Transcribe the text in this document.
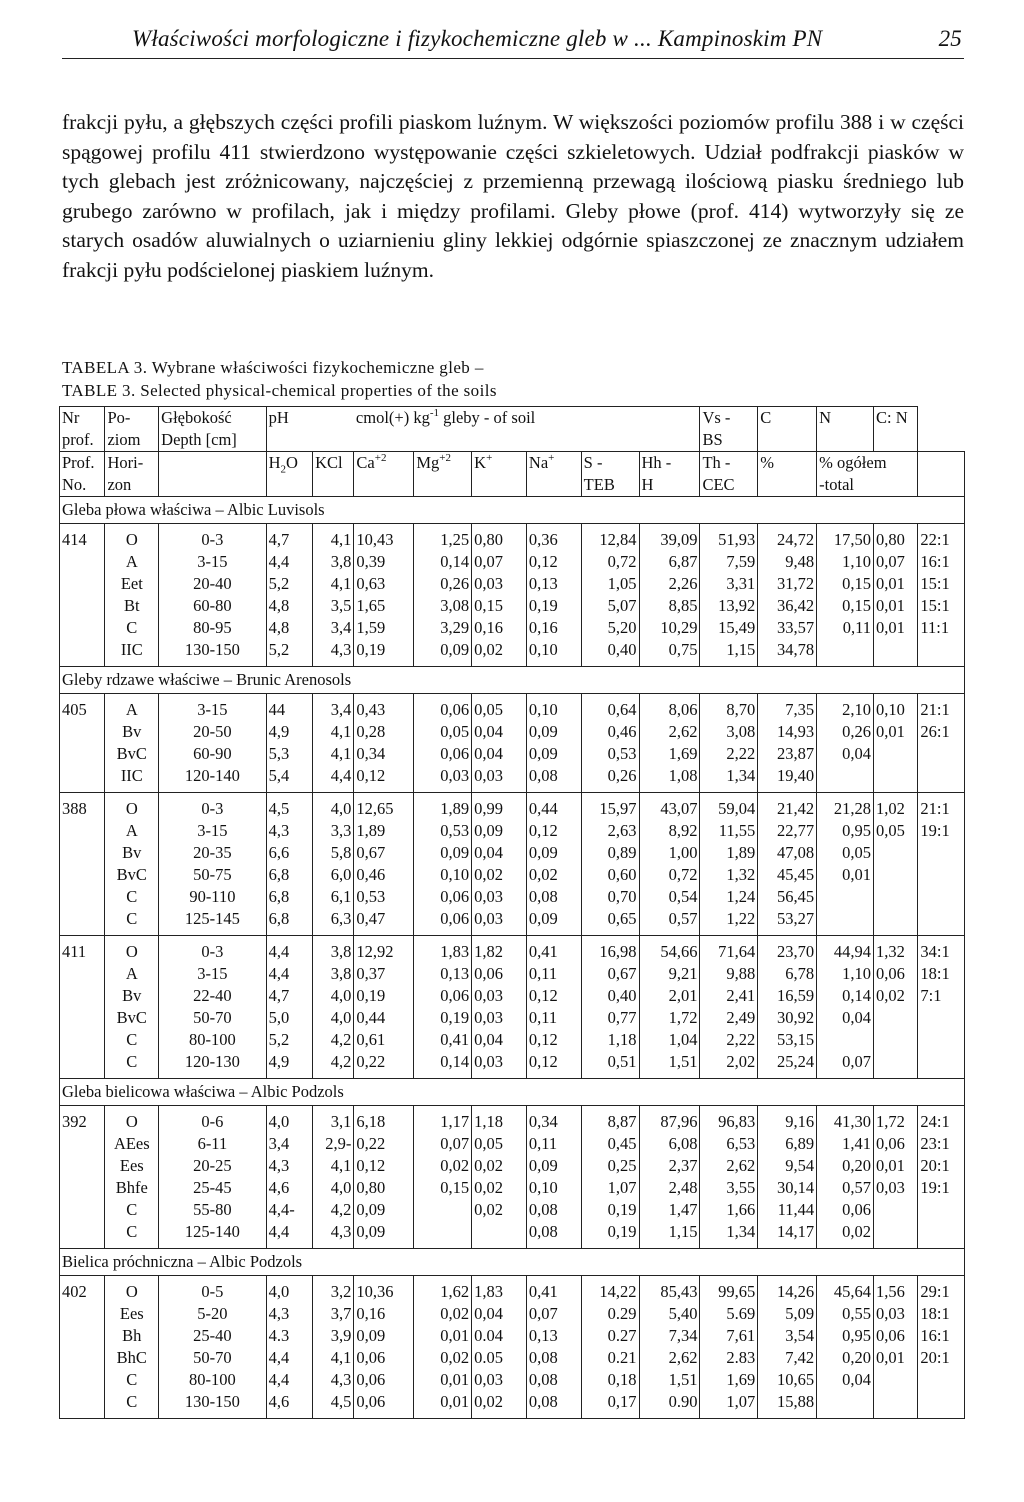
Właściwości morfologiczne i fizykochemiczne gleb w ... Kampinoskim PN	25

frakcji pyłu, a głębszych części profili piaskom luźnym. W większości poziomów profilu 388 i w części spągowej profilu 411 stwierdzono występowanie części szkieletowych. Udział podfrakcji piasków w tych glebach jest zróżnicowany, najczęściej z przemienną przewagą ilościową piasku średniego lub grubego zarówno w profilach, jak i między profilami. Gleby płowe (prof. 414) wytworzyły się ze starych osadów aluwialnych o uziarnieniu gliny lekkiej odgórnie spiaszczonej ze znacznym udziałem frakcji pyłu podścielonej piaskiem luźnym.

TABELA 3. Wybrane właściwości fizykochemiczne gleb –
TABLE 3. Selected physical-chemical properties of the soils
Nr	Po-	Głębokość	pH		cmol(+) $kg^{-1}$ gleby - of soil						Vs -	C	N	C: N
prof.	ziom	Depth [cm]									BS			
Prof.	Hori-		$H_2O$	KCl	$Ca^{+2}$	$Mg^{+2}$	K+	Na+	S -	Hh -	Th -	%	% ogółem		
No.	zon								TEB	H	CEC		-total		
Gleba płowa właściwa – Albic Luvisols															
414	O	0-3	4,7	4,1	10,43	1,25	0,80	0,36	12,84	39,09	51,93	24,72	17,50	0,80	22:1
	A	3-15	4,4	3,8	0,39	0,14	0,07	0,12	0,72	6,87	7,59	9,48	1,10	0,07	16:1
	Eet	20-40	5,2	4,1	0,63	0,26	0,03	0,13	1,05	2,26	3,31	31,72	0,15	0,01	15:1
	Bt	60-80	4,8	3,5	1,65	3,08	0,15	0,19	5,07	8,85	13,92	36,42	0,15	0,01	15:1
	C	80-95	4,8	3,4	1,59	3,29	0,16	0,16	5,20	10,29	15,49	33,57	0,11	0,01	11:1
	IIC	130-150	5,2	4,3	0,19	0,09	0,02	0,10	0,40	0,75	1,15	34,78			
Gleby rdzawe właściwe – Brunic Arenosols															
405	A	3-15	44	3,4	0,43	0,06	0,05	0,10	0,64	8,06	8,70	7,35	2,10	0,10	21:1
	Bv	20-50	4,9	4,1	0,28	0,05	0,04	0,09	0,46	2,62	3,08	14,93	0,26	0,01	26:1
	BvC	60-90	5,3	4,1	0,34	0,06	0,04	0,09	0,53	1,69	2,22	23,87	0,04		
	IIC	120-140	5,4	4,4	0,12	0,03	0,03	0,08	0,26	1,08	1,34	19,40			
388	O	0-3	4,5	4,0	12,65	1,89	0,99	0,44	15,97	43,07	59,04	21,42	21,28	1,02	21:1
	A	3-15	4,3	3,3	1,89	0,53	0,09	0,12	2,63	8,92	11,55	22,77	0,95	0,05	19:1
	Bv	20-35	6,6	5,8	0,67	0,09	0,04	0,09	0,89	1,00	1,89	47,08	0,05		
	BvC	50-75	6,8	6,0	0,46	0,10	0,02	0,02	0,60	0,72	1,32	45,45	0,01		
	C	90-110	6,8	6,1	0,53	0,06	0,03	0,08	0,70	0,54	1,24	56,45			
	C	125-145	6,8	6,3	0,47	0,06	0,03	0,09	0,65	0,57	1,22	53,27			
411	O	0-3	4,4	3,8	12,92	1,83	1,82	0,41	16,98	54,66	71,64	23,70	44,94	1,32	34:1
	A	3-15	4,4	3,8	0,37	0,13	0,06	0,11	0,67	9,21	9,88	6,78	1,10	0,06	18:1
	Bv	22-40	4,7	4,0	0,19	0,06	0,03	0,12	0,40	2,01	2,41	16,59	0,14	0,02	7:1
	BvC	50-70	5,0	4,0	0,44	0,19	0,03	0,11	0,77	1,72	2,49	30,92	0,04		
	C	80-100	5,2	4,2	0,61	0,41	0,04	0,12	1,18	1,04	2,22	53,15			
	C	120-130	4,9	4,2	0,22	0,14	0,03	0,12	0,51	1,51	2,02	25,24	0,07		
Gleba bielicowa właściwa – Albic Podzols															
392	O	0-6	4,0	3,1	6,18	1,17	1,18	0,34	8,87	87,96	96,83	9,16	41,30	1,72	24:1
	AEes	6-11	3,4	2,9-	0,22	0,07	0,05	0,11	0,45	6,08	6,53	6,89	1,41	0,06	23:1
	Ees	20-25	4,3	4,1	0,12	0,02	0,02	0,09	0,25	2,37	2,62	9,54	0,20	0,01	20:1
	Bhfe	25-45	4,6	4,0	0,80	0,15	0,02	0,10	1,07	2,48	3,55	30,14	0,57	0,03	19:1
	C	55-80	4,4-	4,2	0,09		0,02	0,08	0,19	1,47	1,66	11,44	0,06		
	C	125-140	4,4	4,3	0,09			0,08	0,19	1,15	1,34	14,17	0,02		
Bielica próchniczna – Albic Podzols															
402	O	0-5	4,0	3,2	10,36	1,62	1,83	0,41	14,22	85,43	99,65	14,26	45,64	1,56	29:1
	Ees	5-20	4,3	3,7	0,16	0,02	0,04	0,07	0.29	5,40	5.69	5,09	0,55	0,03	18:1
	Bh	25-40	4.3	3,9	0,09	0,01	0.04	0,13	0.27	7,34	7,61	3,54	0,95	0,06	16:1
	BhC	50-70	4,4	4,1	0,06	0,02	0.05	0,08	0.21	2,62	2.83	7,42	0,20	0,01	20:1
	C	80-100	4,4	4,3	0,06	0,01	0,03	0,08	0,18	1,51	1,69	10,65	0,04		
	C	130-150	4,6	4,5	0,06	0,01	0,02	0,08	0,17	0.90	1,07	15,88			
